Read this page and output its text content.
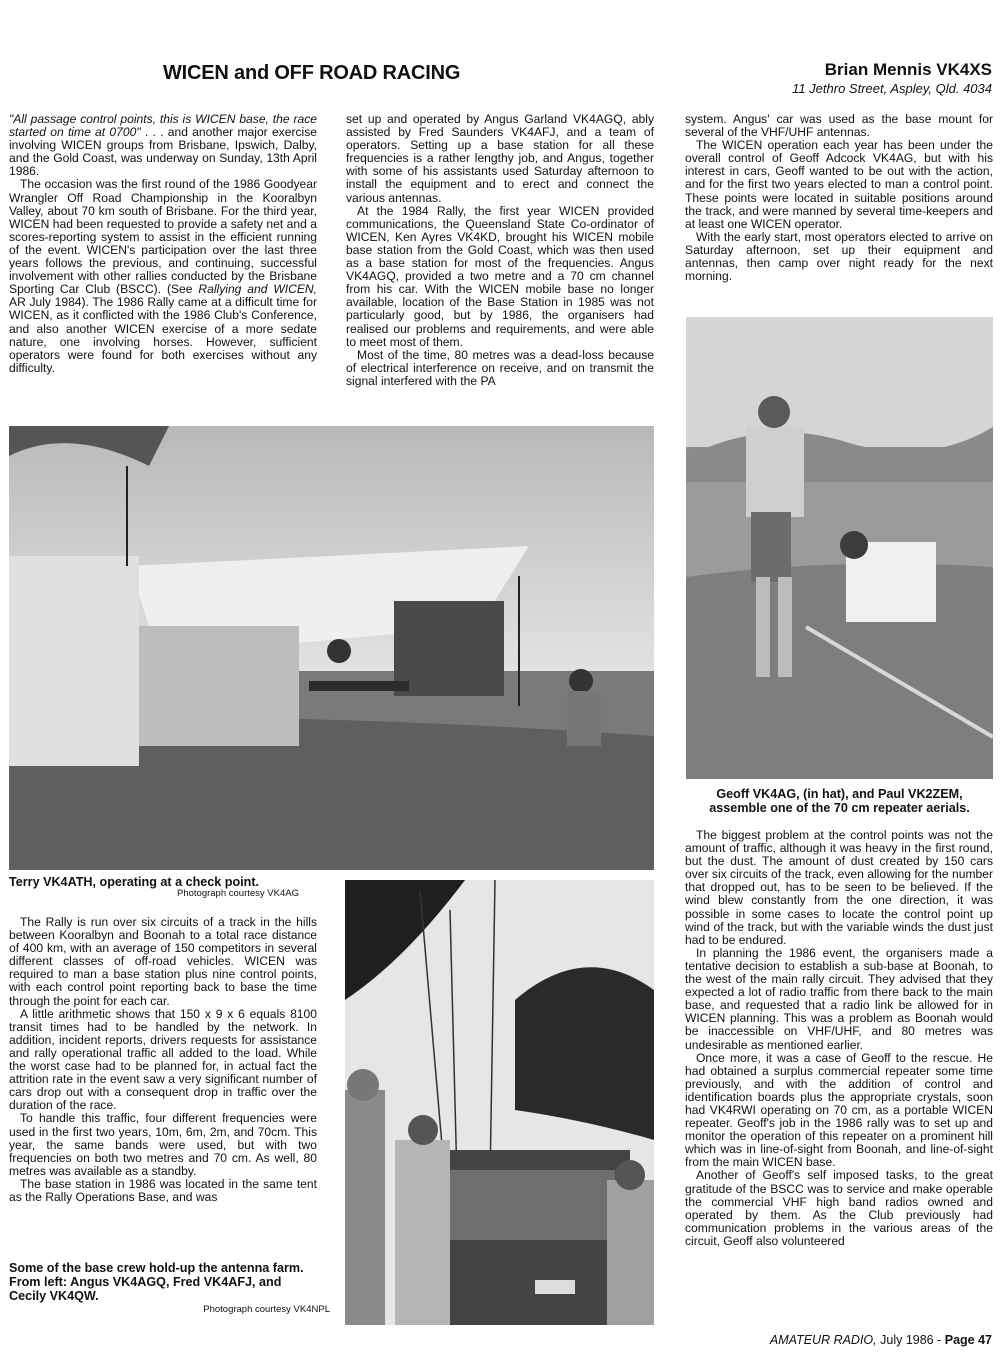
WICEN and OFF ROAD RACING	Brian Mennis VK4XS
11 Jethro Street, Aspley, Qld. 4034

"All passage control points, this is WICEN base, the race started on time at 0700" . . . and another major exercise involving WICEN groups from Brisbane, Ipswich, Dalby, and the Gold Coast, was underway on Sunday, 13th April 1986.

The occasion was the first round of the 1986 Goodyear Wrangler Off Road Championship in the Kooralbyn Valley, about 70 km south of Brisbane. For the third year, WICEN had been requested to provide a safety net and a scores-reporting system to assist in the efficient running of the event. WICEN's participation over the last three years follows the previous, and continuing, successful involvement with other rallies conducted by the Brisbane Sporting Car Club (BSCC). (See Rallying and WICEN, AR July 1984). The 1986 Rally came at a difficult time for WICEN, as it conflicted with the 1986 Club's Conference, and also another WICEN exercise of a more sedate nature, one involving horses. However, sufficient operators were found for both exercises without any difficulty.

set up and operated by Angus Garland VK4AGQ, ably assisted by Fred Saunders VK4AFJ, and a team of operators. Setting up a base station for all these frequencies is a rather lengthy job, and Angus, together with some of his assistants used Saturday afternoon to install the equipment and to erect and connect the various antennas.

At the 1984 Rally, the first year WICEN provided communications, the Queensland State Co-ordinator of WICEN, Ken Ayres VK4KD, brought his WICEN mobile base station from the Gold Coast, which was then used as a base station for most of the frequencies. Angus VK4AGQ, provided a two metre and a 70 cm channel from his car. With the WICEN mobile base no longer available, location of the Base Station in 1985 was not particularly good, but by 1986, the organisers had realised our problems and requirements, and were able to meet most of them.

Most of the time, 80 metres was a dead-loss because of electrical interference on receive, and on transmit the signal interfered with the PA

system. Angus' car was used as the base mount for several of the VHF/UHF antennas.

The WICEN operation each year has been under the overall control of Geoff Adcock VK4AG, but with his interest in cars, Geoff wanted to be out with the action, and for the first two years elected to man a control point. These points were located in suitable positions around the track, and were manned by several time-keepers and at least one WICEN operator.

With the early start, most operators elected to arrive on Saturday afternoon, set up their equipment and antennas, then camp over night ready for the next morning.

Terry VK4ATH, operating at a check point.
Photograph courtesy VK4AG
Geoff VK4AG, (in hat), and Paul VK2ZEM, assemble one of the 70 cm repeater aerials.

The Rally is run over six circuits of a track in the hills between Kooralbyn and Boonah to a total race distance of 400 km, with an average of 150 competitors in several different classes of off-road vehicles. WICEN was required to man a base station plus nine control points, with each control point reporting back to base the time through the point for each car.

A little arithmetic shows that 150 x 9 x 6 equals 8100 transit times had to be handled by the network. In addition, incident reports, drivers requests for assistance and rally operational traffic all added to the load. While the worst case had to be planned for, in actual fact the attrition rate in the event saw a very significant number of cars drop out with a consequent drop in traffic over the duration of the race.

To handle this traffic, four different frequencies were used in the first two years, 10m, 6m, 2m, and 70cm. This year, the same bands were used, but with two frequencies on both two metres and 70 cm. As well, 80 metres was available as a standby.

The base station in 1986 was located in the same tent as the Rally Operations Base, and was

Some of the base crew hold-up the antenna farm. From left: Angus VK4AGQ, Fred VK4AFJ, and Cecily VK4QW.
Photograph courtesy VK4NPL

The biggest problem at the control points was not the amount of traffic, although it was heavy in the first round, but the dust. The amount of dust created by 150 cars over six circuits of the track, even allowing for the number that dropped out, has to be seen to be believed. If the wind blew constantly from the one direction, it was possible in some cases to locate the control point up wind of the track, but with the variable winds the dust just had to be endured.

In planning the 1986 event, the organisers made a tentative decision to establish a sub-base at Boonah, to the west of the main rally circuit. They advised that they expected a lot of radio traffic from there back to the main base, and requested that a radio link be allowed for in WICEN planning. This was a problem as Boonah would be inaccessible on VHF/UHF, and 80 metres was undesirable as mentioned earlier.

Once more, it was a case of Geoff to the rescue. He had obtained a surplus commercial repeater some time previously, and with the addition of control and identification boards plus the appropriate crystals, soon had VK4RWI operating on 70 cm, as a portable WICEN repeater. Geoff's job in the 1986 rally was to set up and monitor the operation of this repeater on a prominent hill which was in line-of-sight from Boonah, and line-of-sight from the main WICEN base.

Another of Geoff's self imposed tasks, to the great gratitude of the BSCC was to service and make operable the commercial VHF high band radios owned and operated by them. As the Club previously had communication problems in the various areas of the circuit, Geoff also volunteered

AMATEUR RADIO, July 1986 - Page 47
